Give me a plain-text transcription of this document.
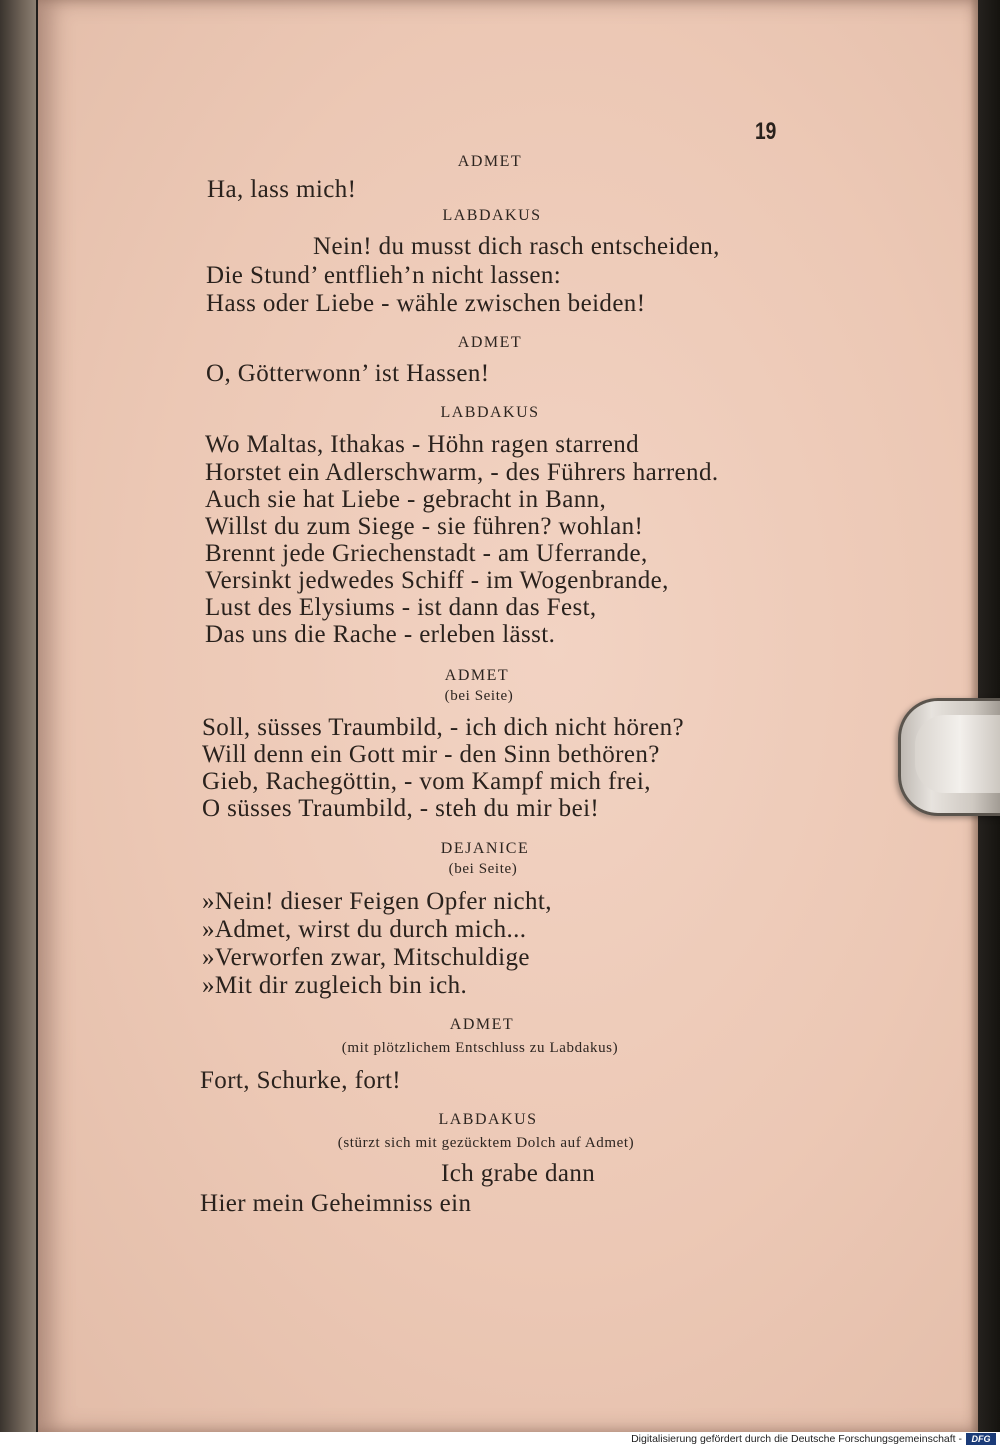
19
ADMET
Ha, lass mich!
LABDAKUS
Nein! du musst dich rasch entscheiden,
Die Stund’ entflieh’n nicht lassen:
Hass oder Liebe - wähle zwischen beiden!
ADMET
O, Götterwonn’ ist Hassen!
LABDAKUS
Wo Maltas, Ithakas - Höhn ragen starrend
Horstet ein Adlerschwarm, - des Führers harrend.
Auch sie hat Liebe - gebracht in Bann,
Willst du zum Siege - sie führen? wohlan!
Brennt jede Griechenstadt - am Uferrande,
Versinkt jedwedes Schiff - im Wogenbrande,
Lust des Elysiums - ist dann das Fest,
Das uns die Rache - erleben lässt.
ADMET
(bei Seite)
Soll, süsses Traumbild, - ich dich nicht hören?
Will denn ein Gott mir - den Sinn bethören?
Gieb, Rachegöttin, - vom Kampf mich frei,
O süsses Traumbild, - steh du mir bei!
DEJANICE
(bei Seite)
»Nein! dieser Feigen Opfer nicht,
»Admet, wirst du durch mich...
»Verworfen zwar, Mitschuldige
»Mit dir zugleich bin ich.
ADMET
(mit plötzlichem Entschluss zu Labdakus)
Fort, Schurke, fort!
LABDAKUS
(stürzt sich mit gezücktem Dolch auf Admet)
Ich grabe dann
Hier mein Geheimniss ein
Digitalisierung gefördert durch die Deutsche Forschungsgemeinschaft -	DFG
